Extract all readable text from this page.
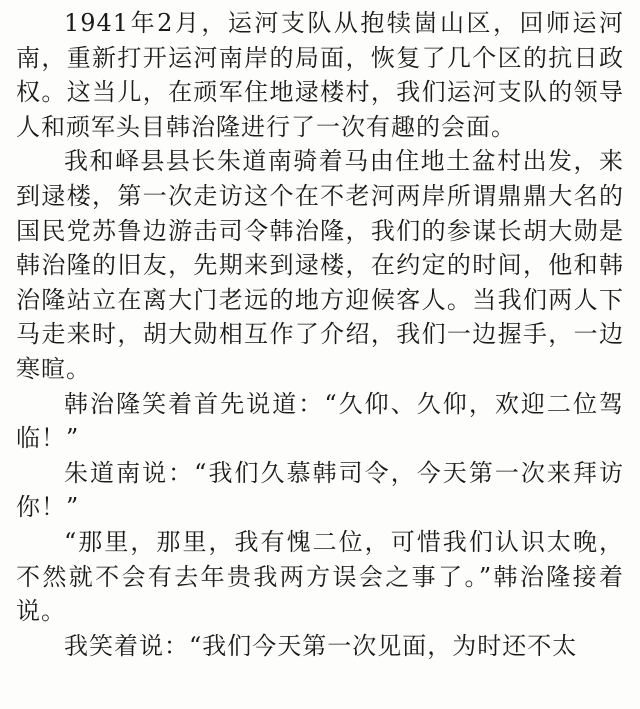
1941年2月，运河支队从抱犊崮山区，回师运河南，重新打开运河南岸的局面，恢复了几个区的抗日政权。这当儿，在顽军住地逯楼村，我们运河支队的领导人和顽军头目韩治隆进行了一次有趣的会面。

我和峄县县长朱道南骑着马由住地土盆村出发，来到逯楼，第一次走访这个在不老河两岸所谓鼎鼎大名的国民党苏鲁边游击司令韩治隆，我们的参谋长胡大勋是韩治隆的旧友，先期来到逯楼，在约定的时间，他和韩治隆站立在离大门老远的地方迎候客人。当我们两人下马走来时，胡大勋相互作了介绍，我们一边握手，一边寒暄。

韩治隆笑着首先说道：“久仰、久仰，欢迎二位驾临！”

朱道南说：“我们久慕韩司令，今天第一次来拜访你！”

“那里，那里，我有愧二位，可惜我们认识太晚，不然就不会有去年贵我两方误会之事了。”韩治隆接着说。

我笑着说：“我们今天第一次见面，为时还不太
